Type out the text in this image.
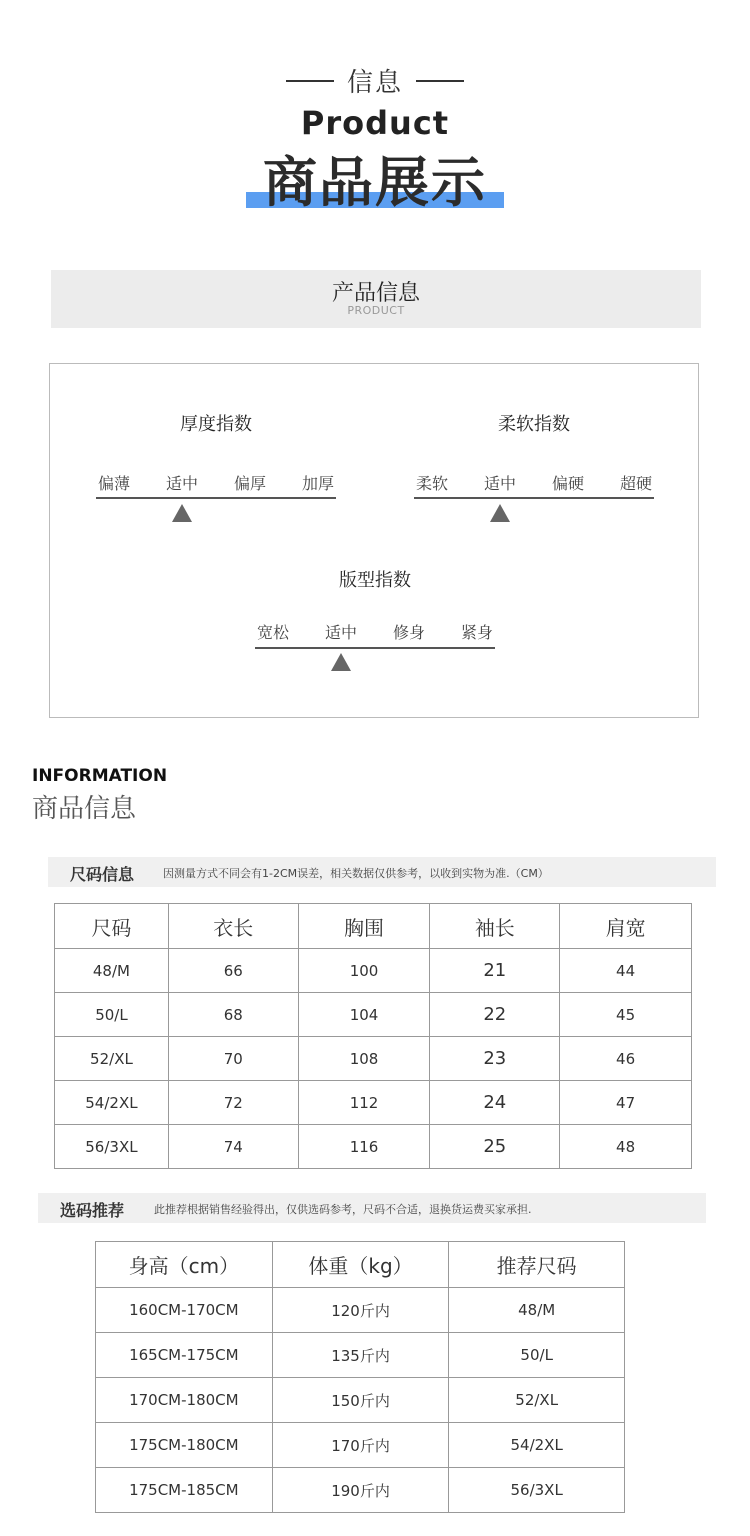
信息
Product
商品展示
产品信息
PRODUCT
厚度指数
偏薄	适中	偏厚	加厚
柔软指数
柔软	适中	偏硬	超硬
版型指数
宽松	适中	修身	紧身
INFORMATION
商品信息
尺码信息	因测量方式不同会有1-2CM误差，相关数据仅供参考，以收到实物为准.（CM）
尺码	衣长	胸围	袖长	肩宽
48/M	66	100	21	44
50/L	68	104	22	45
52/XL	70	108	23	46
54/2XL	72	112	24	47
56/3XL	74	116	25	48
选码推荐	此推荐根据销售经验得出，仅供选码参考，尺码不合适，退换货运费买家承担.
身高（cm）	体重（kg）	推荐尺码
160CM-170CM	120斤内	48/M
165CM-175CM	135斤内	50/L
170CM-180CM	150斤内	52/XL
175CM-180CM	170斤内	54/2XL
175CM-185CM	190斤内	56/3XL
